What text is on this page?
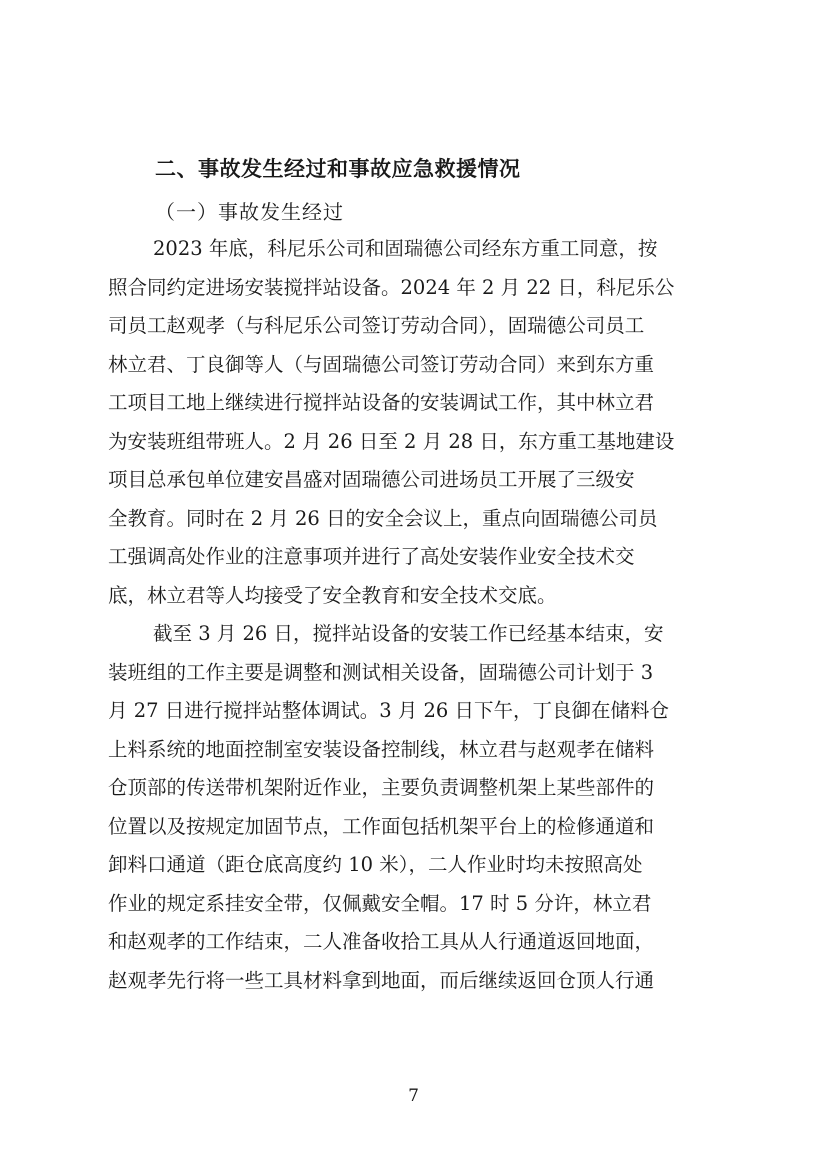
二、事故发生经过和事故应急救援情况
（一）事故发生经过
2023 年底，科尼乐公司和固瑞德公司经东方重工同意，按
照合同约定进场安装搅拌站设备。2024 年 2 月 22 日，科尼乐公
司员工赵观孝（与科尼乐公司签订劳动合同），固瑞德公司员工
林立君、丁良御等人（与固瑞德公司签订劳动合同）来到东方重
工项目工地上继续进行搅拌站设备的安装调试工作，其中林立君
为安装班组带班人。2 月 26 日至 2 月 28 日，东方重工基地建设
项目总承包单位建安昌盛对固瑞德公司进场员工开展了三级安
全教育。同时在 2 月 26 日的安全会议上，重点向固瑞德公司员
工强调高处作业的注意事项并进行了高处安装作业安全技术交
底，林立君等人均接受了安全教育和安全技术交底。
截至 3 月 26 日，搅拌站设备的安装工作已经基本结束，安
装班组的工作主要是调整和测试相关设备，固瑞德公司计划于 3
月 27 日进行搅拌站整体调试。3 月 26 日下午，丁良御在储料仓
上料系统的地面控制室安装设备控制线，林立君与赵观孝在储料
仓顶部的传送带机架附近作业，主要负责调整机架上某些部件的
位置以及按规定加固节点，工作面包括机架平台上的检修通道和
卸料口通道（距仓底高度约 10 米），二人作业时均未按照高处
作业的规定系挂安全带，仅佩戴安全帽。17 时 5 分许，林立君
和赵观孝的工作结束，二人准备收拾工具从人行通道返回地面，
赵观孝先行将一些工具材料拿到地面，而后继续返回仓顶人行通
7
